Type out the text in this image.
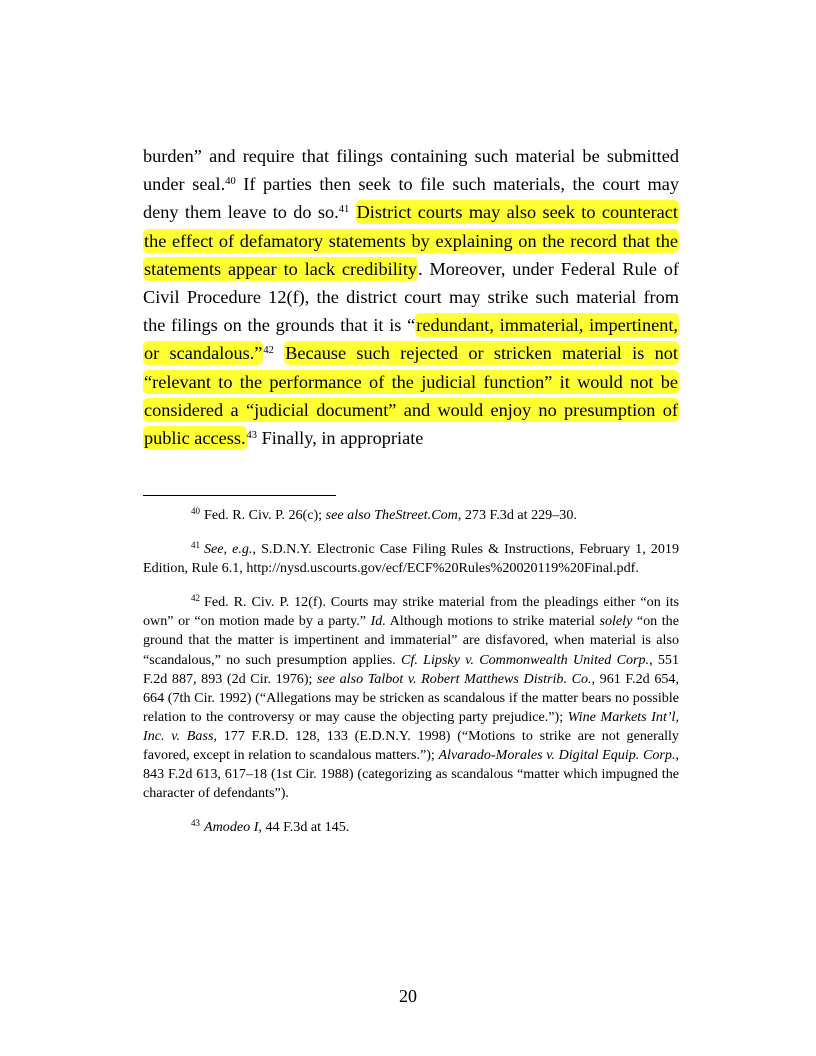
burden” and require that filings containing such material be submitted under seal.$^{40}$ If parties then seek to file such materials, the court may deny them leave to do so.$^{41}$ District courts may also seek to counteract the effect of defamatory statements by explaining on the record that the statements appear to lack credibility. Moreover, under Federal Rule of Civil Procedure 12(f), the district court may strike such material from the filings on the grounds that it is “redundant, immaterial, impertinent, or scandalous.”$^{42}$ Because such rejected or stricken material is not “relevant to the performance of the judicial function” it would not be considered a “judicial document” and would enjoy no presumption of public access.$^{43}$ Finally, in appropriate

$^{40}$ Fed. R. Civ. P. 26(c); see also TheStreet.Com, 273 F.3d at 229–30.

$^{41}$ See, e.g., S.D.N.Y. Electronic Case Filing Rules & Instructions, February 1, 2019 Edition, Rule 6.1, http://nysd.uscourts.gov/ecf/ECF%20Rules%20020119%20Final.pdf.

$^{42}$ Fed. R. Civ. P. 12(f). Courts may strike material from the pleadings either “on its own” or “on motion made by a party.” Id. Although motions to strike material solely “on the ground that the matter is impertinent and immaterial” are disfavored, when material is also “scandalous,” no such presumption applies. Cf. Lipsky v. Commonwealth United Corp., 551 F.2d 887, 893 (2d Cir. 1976); see also Talbot v. Robert Matthews Distrib. Co., 961 F.2d 654, 664 (7th Cir. 1992) (“Allegations may be stricken as scandalous if the matter bears no possible relation to the controversy or may cause the objecting party prejudice.”); Wine Markets Int’l, Inc. v. Bass, 177 F.R.D. 128, 133 (E.D.N.Y. 1998) (“Motions to strike are not generally favored, except in relation to scandalous matters.”); Alvarado-Morales v. Digital Equip. Corp., 843 F.2d 613, 617–18 (1st Cir. 1988) (categorizing as scandalous “matter which impugned the character of defendants”).

$^{43}$ Amodeo I, 44 F.3d at 145.

20
